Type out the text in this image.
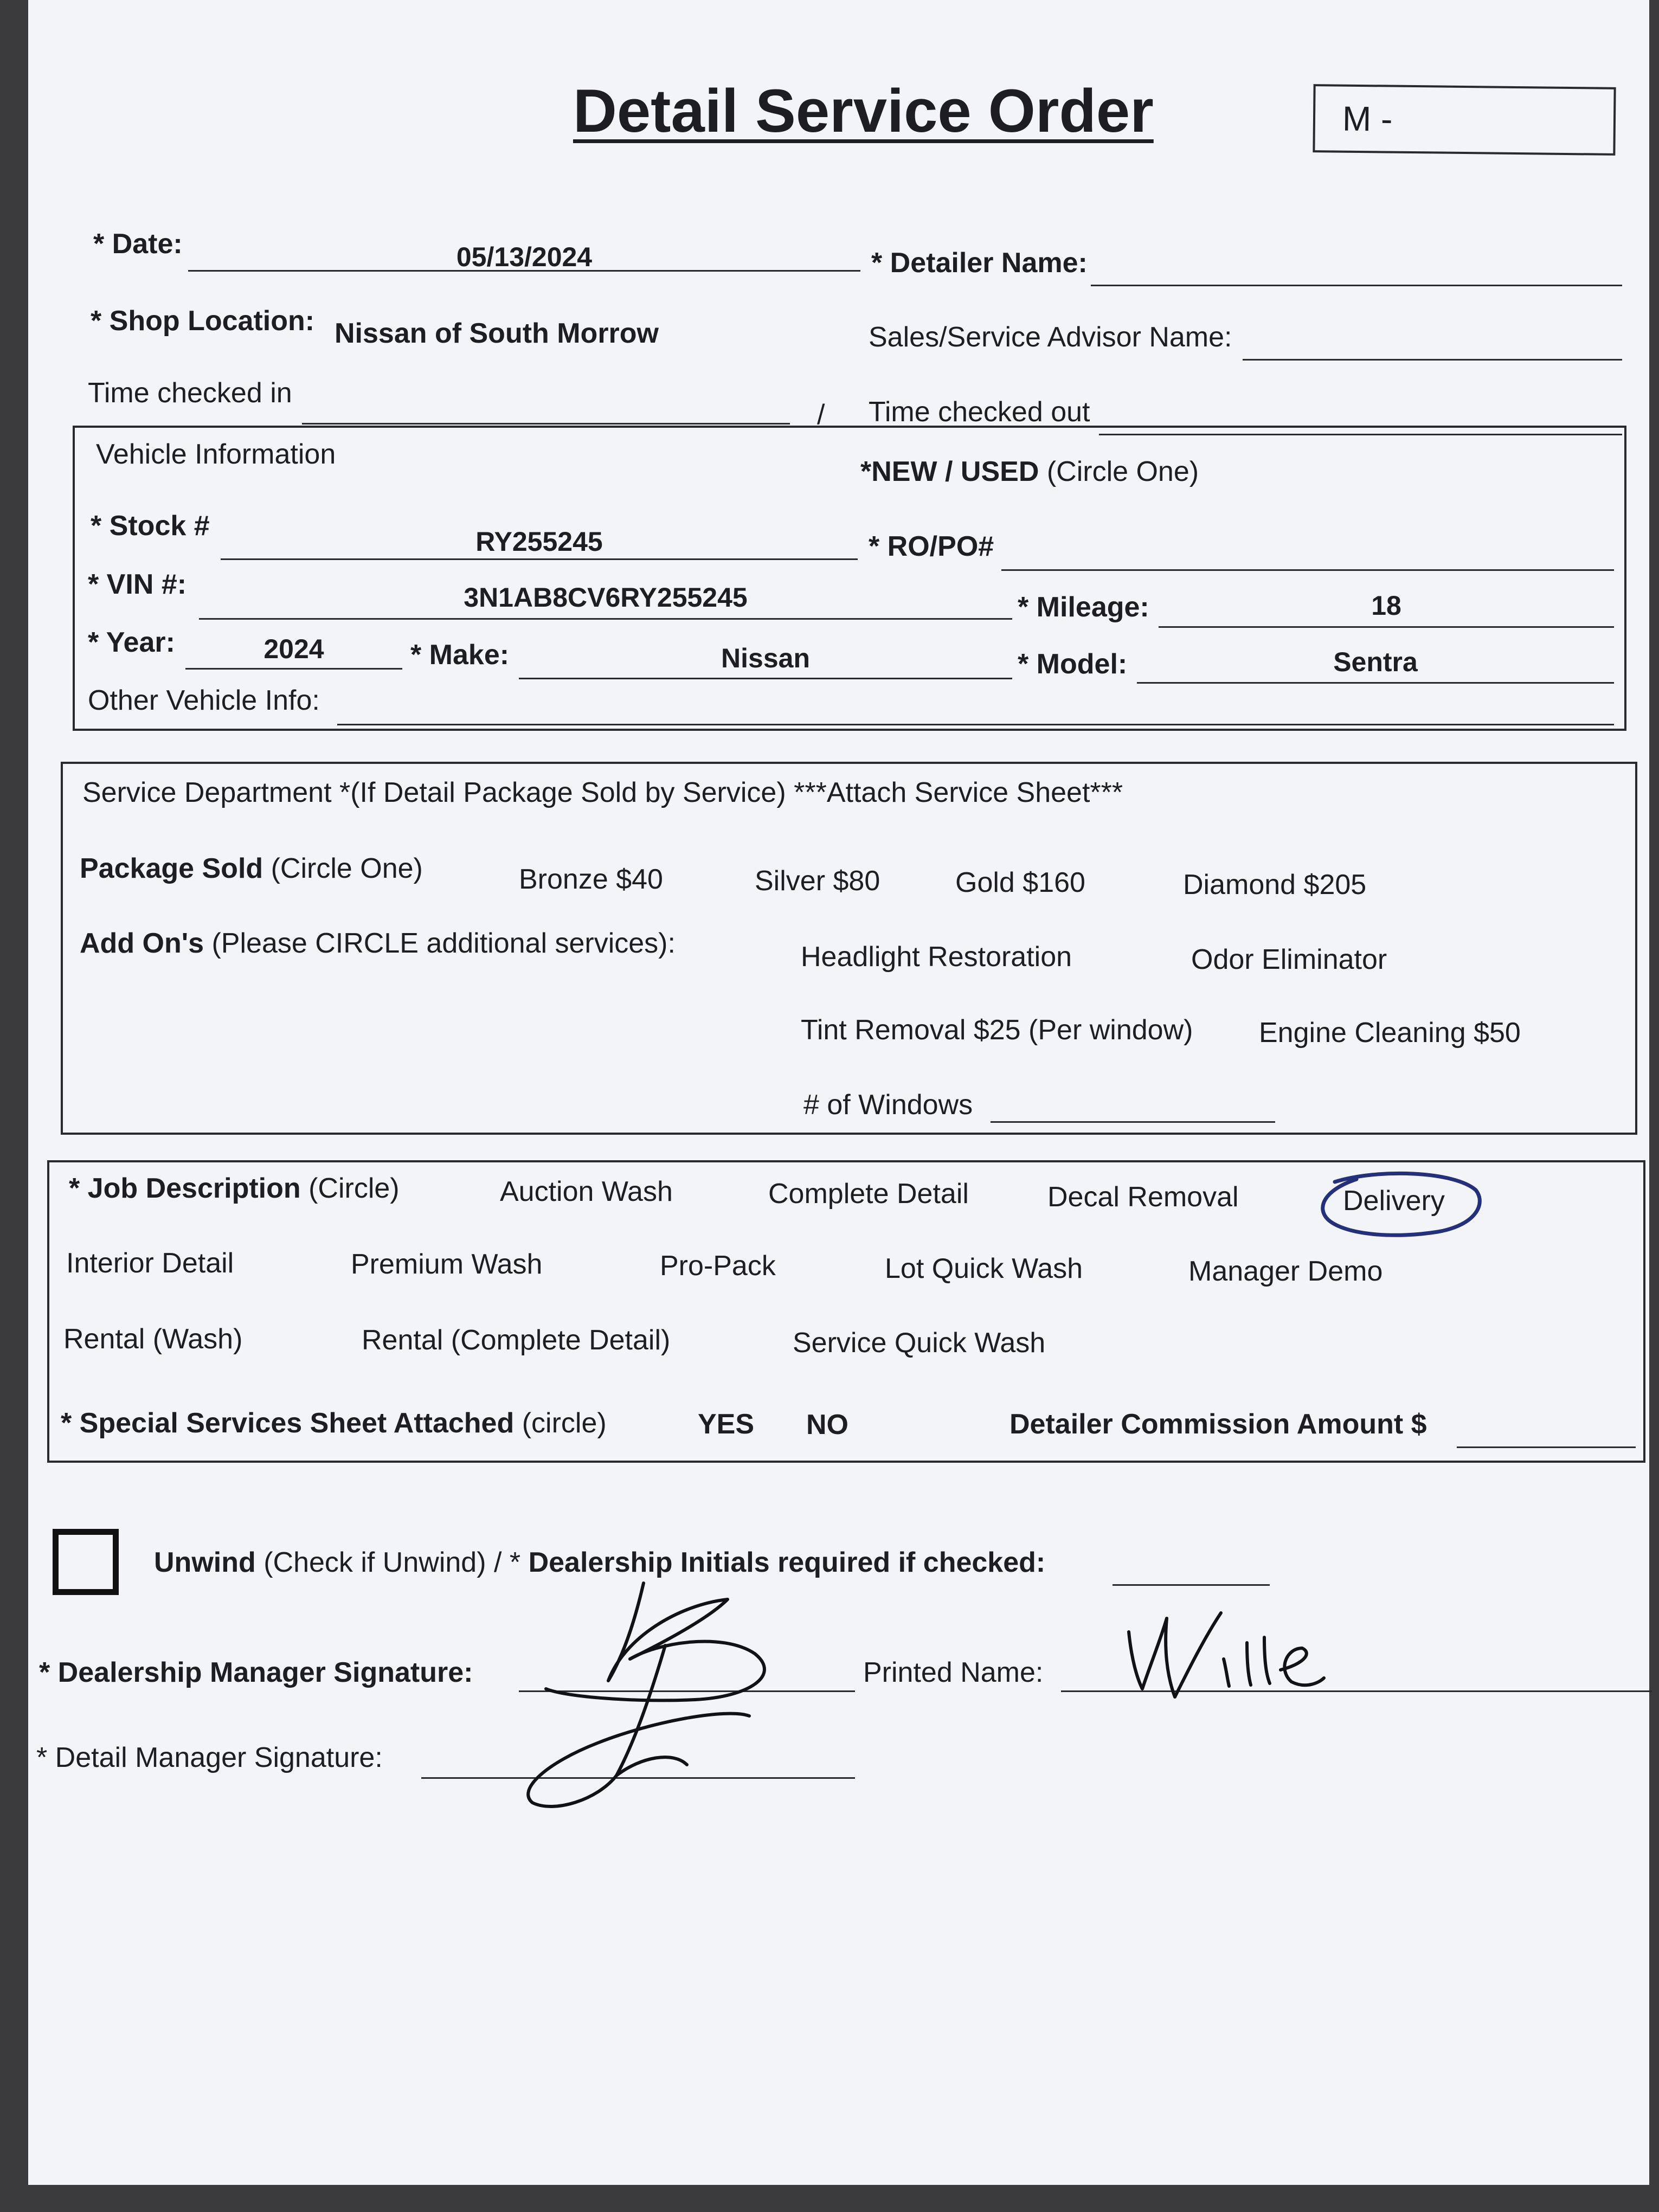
Detail Service Order	M -
* Date:	05/13/2024	* Detailer Name:
* Shop Location: Nissan of South Morrow	Sales/Service Advisor Name:
Time checked in
/ Time checked out
Vehicle Information
*NEW / USED (Circle One)
* Stock #	RY255245	* RO/PO#
* VIN #:	3N1AB8CV6RY255245	* Mileage:	18
* Year:	2024	* Make:	Nissan	* Model:	Sentra
Other Vehicle Info:
Service Department *(If Detail Package Sold by Service) ***Attach Service Sheet***
Package Sold (Circle One)	Bronze $40	Silver $80	Gold $160	Diamond $205
Add On's (Please CIRCLE additional services):	Headlight Restoration	Odor Eliminator
Tint Removal $25 (Per window) Engine Cleaning $50
# of Windows
* Job Description (Circle)	Auction Wash	Complete Detail	Decal Removal	Delivery
Interior Detail	Premium Wash	Pro-Pack	Lot Quick Wash	Manager Demo
Rental (Wash)	Rental (Complete Detail)	Service Quick Wash
* Special Services Sheet Attached (circle)	YES NO	Detailer Commission Amount $
Unwind (Check if Unwind) / * Dealership Initials required if checked:
* Dealership Manager Signature:	Printed Name:
* Detail Manager Signature:
